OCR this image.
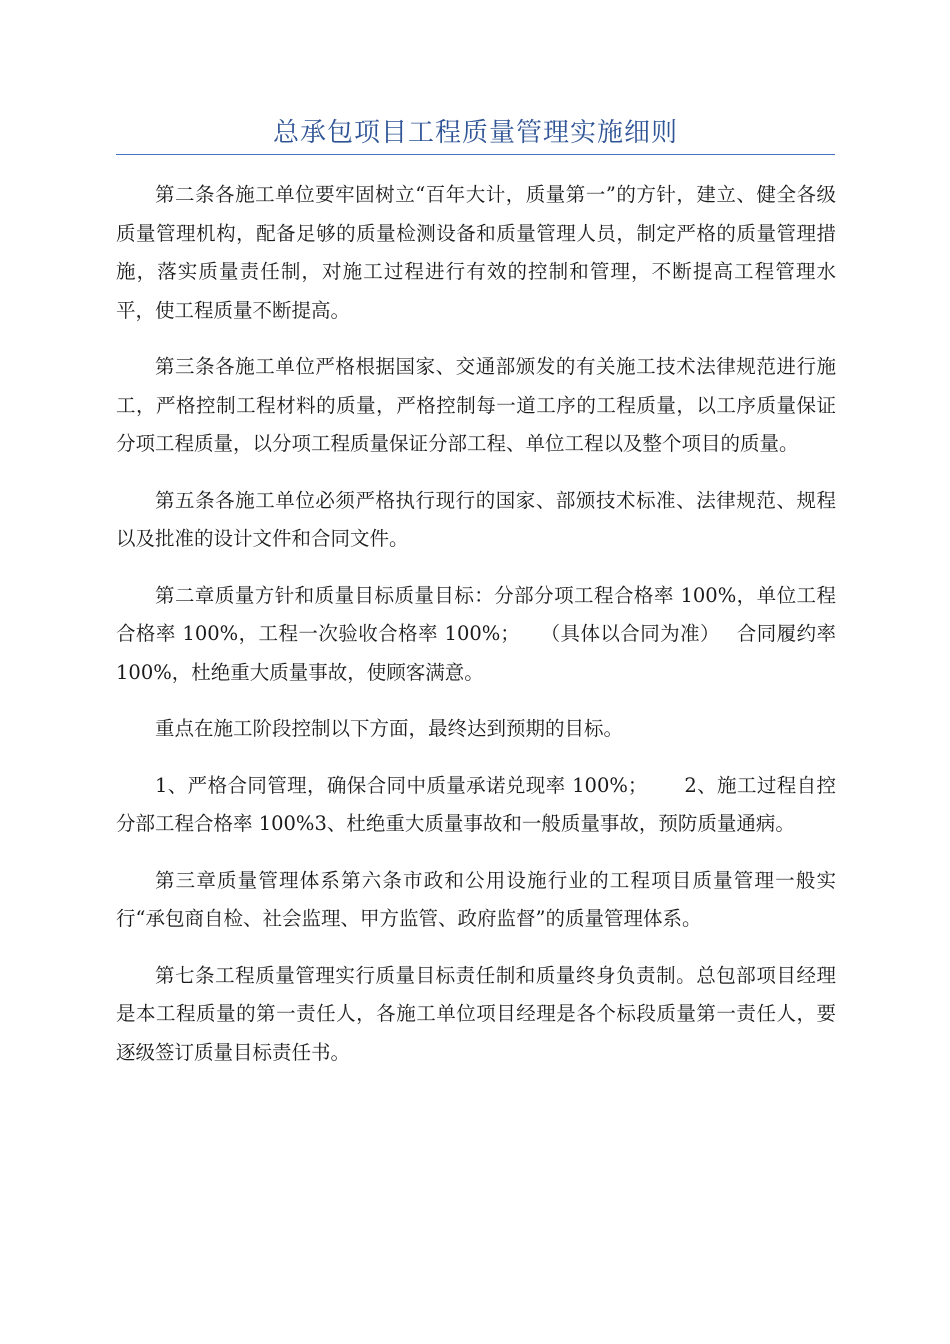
总承包项目工程质量管理实施细则

第二条各施工单位要牢固树立“百年大计，质量第一”的方针，建立、健全各级质量管理机构，配备足够的质量检测设备和质量管理人员，制定严格的质量管理措施，落实质量责任制，对施工过程进行有效的控制和管理，不断提高工程管理水平，使工程质量不断提高。

第三条各施工单位严格根据国家、交通部颁发的有关施工技术法律规范进行施工，严格控制工程材料的质量，严格控制每一道工序的工程质量，以工序质量保证分项工程质量，以分项工程质量保证分部工程、单位工程以及整个项目的质量。

第五条各施工单位必须严格执行现行的国家、部颁技术标准、法律规范、规程以及批准的设计文件和合同文件。

第二章质量方针和质量目标质量目标：分部分项工程合格率 100%，单位工程合格率 100%，工程一次验收合格率 100%；　　（具体以合同为准）　 合同履约率 100%，杜绝重大质量事故，使顾客满意。

重点在施工阶段控制以下方面，最终达到预期的目标。

1、严格合同管理，确保合同中质量承诺兑现率 100%；　　 2、施工过程自控分部工程合格率 100%3、杜绝重大质量事故和一般质量事故，预防质量通病。

第三章质量管理体系第六条市政和公用设施行业的工程项目质量管理一般实行“承包商自检、社会监理、甲方监管、政府监督”的质量管理体系。

第七条工程质量管理实行质量目标责任制和质量终身负责制。总包部项目经理是本工程质量的第一责任人，各施工单位项目经理是各个标段质量第一责任人，要逐级签订质量目标责任书。
